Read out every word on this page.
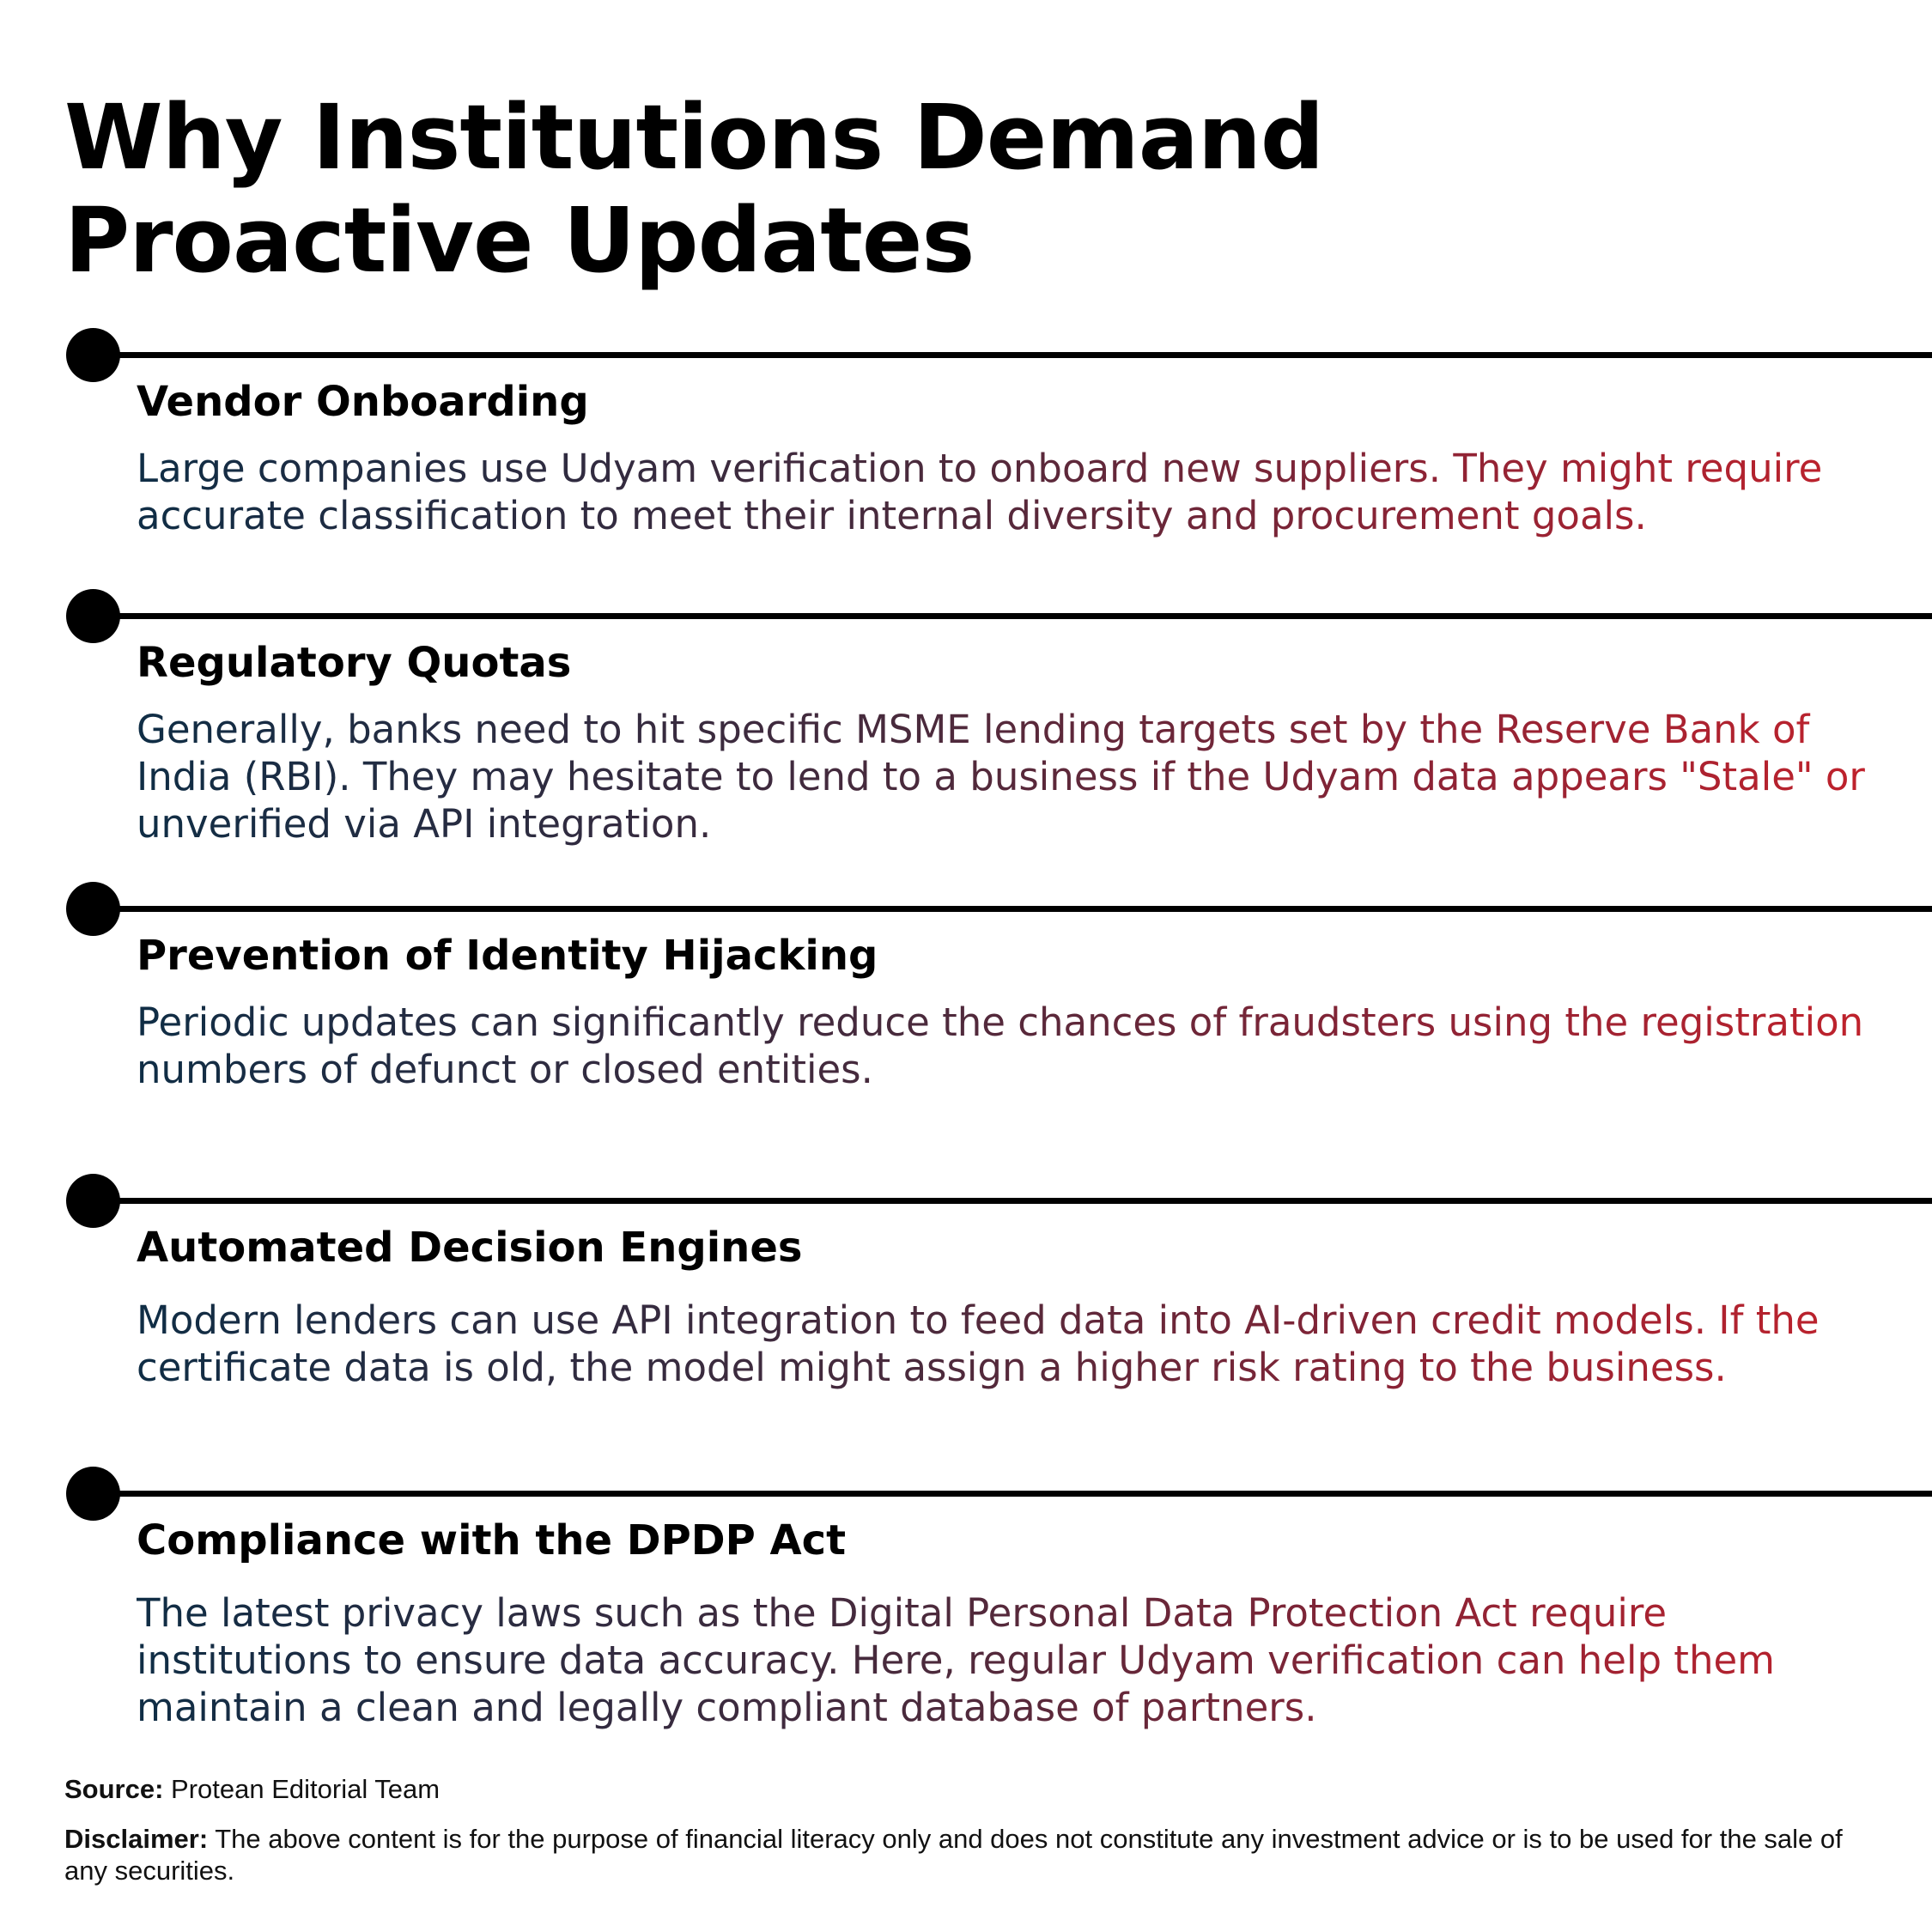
Why Institutions Demand Proactive Updates
Vendor Onboarding

Large companies use Udyam verification to onboard new suppliers. They might require accurate classification to meet their internal diversity and procurement goals.

Regulatory Quotas

Generally, banks need to hit specific MSME lending targets set by the Reserve Bank of India (RBI). They may hesitate to lend to a business if the Udyam data appears "Stale" or unverified via API integration.

Prevention of Identity Hijacking

Periodic updates can significantly reduce the chances of fraudsters using the registration numbers of defunct or closed entities.

Automated Decision Engines

Modern lenders can use API integration to feed data into AI-driven credit models. If the certificate data is old, the model might assign a higher risk rating to the business.

Compliance with the DPDP Act

The latest privacy laws such as the Digital Personal Data Protection Act require institutions to ensure data accuracy. Here, regular Udyam verification can help them maintain a clean and legally compliant database of partners.

Source: Protean Editorial Team

Disclaimer: The above content is for the purpose of financial literacy only and does not constitute any investment advice or is to be used for the sale of any securities.
